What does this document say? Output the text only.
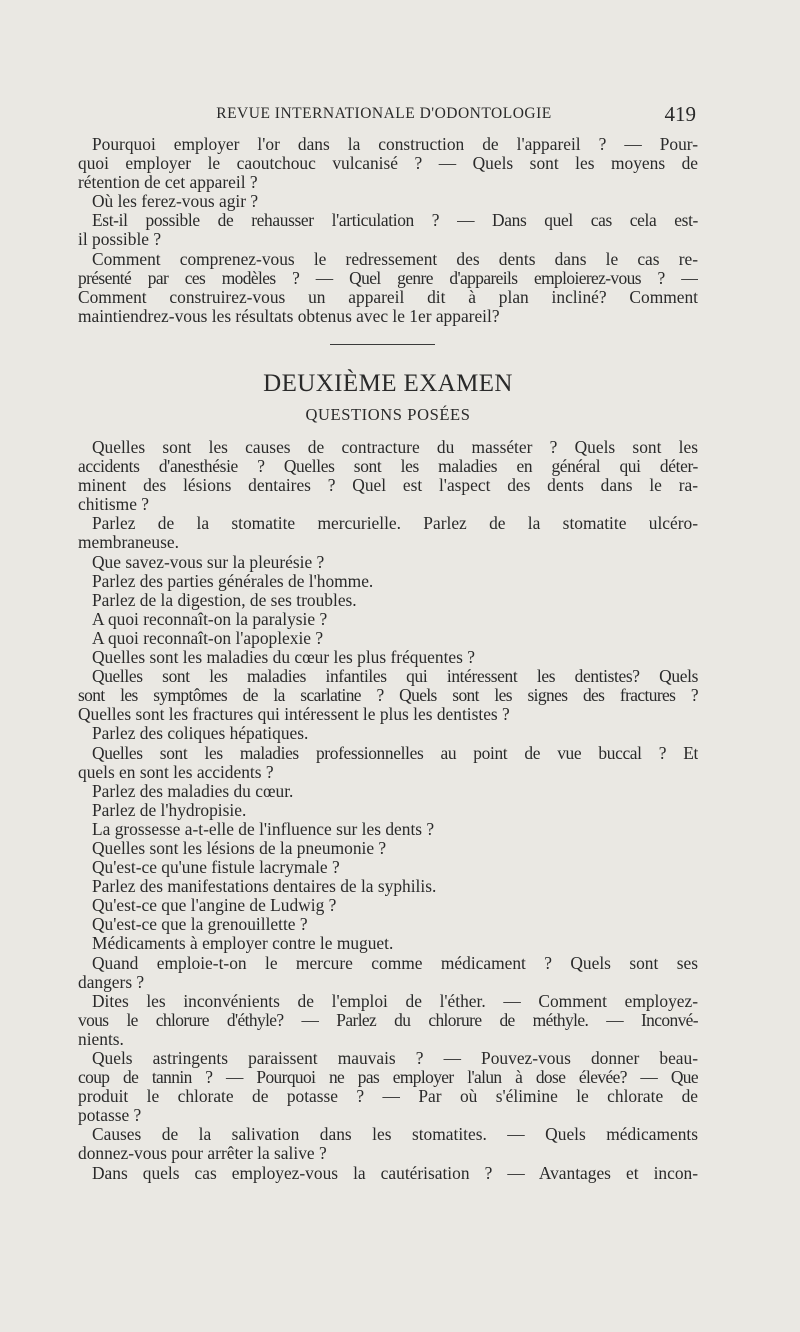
REVUE INTERNATIONALE D'ODONTOLOGIE	419
Pourquoi employer l'or dans la construction de l'appareil ? — Pour-
quoi employer le caoutchouc vulcanisé ? — Quels sont les moyens de
rétention de cet appareil ?
Où les ferez-vous agir ?
Est-il possible de rehausser l'articulation ? — Dans quel cas cela est-
il possible ?
Comment comprenez-vous le redressement des dents dans le cas re-
présenté par ces modèles ? — Quel genre d'appareils emploierez-vous ? —
Comment construirez-vous un appareil dit à plan incliné? Comment
maintiendrez-vous les résultats obtenus avec le 1er appareil?
DEUXIÈME EXAMEN
QUESTIONS POSÉES
Quelles sont les causes de contracture du masséter ? Quels sont les
accidents d'anesthésie ? Quelles sont les maladies en général qui déter-
minent des lésions dentaires ? Quel est l'aspect des dents dans le ra-
chitisme ?
Parlez de la stomatite mercurielle. Parlez de la stomatite ulcéro-
membraneuse.
Que savez-vous sur la pleurésie ?
Parlez des parties générales de l'homme.
Parlez de la digestion, de ses troubles.
A quoi reconnaît-on la paralysie ?
A quoi reconnaît-on l'apoplexie ?
Quelles sont les maladies du cœur les plus fréquentes ?
Quelles sont les maladies infantiles qui intéressent les dentistes? Quels
sont les symptômes de la scarlatine ? Quels sont les signes des fractures ?
Quelles sont les fractures qui intéressent le plus les dentistes ?
Parlez des coliques hépatiques.
Quelles sont les maladies professionnelles au point de vue buccal ? Et
quels en sont les accidents ?
Parlez des maladies du cœur.
Parlez de l'hydropisie.
La grossesse a-t-elle de l'influence sur les dents ?
Quelles sont les lésions de la pneumonie ?
Qu'est-ce qu'une fistule lacrymale ?
Parlez des manifestations dentaires de la syphilis.
Qu'est-ce que l'angine de Ludwig ?
Qu'est-ce que la grenouillette ?
Médicaments à employer contre le muguet.
Quand emploie-t-on le mercure comme médicament ? Quels sont ses
dangers ?
Dites les inconvénients de l'emploi de l'éther. — Comment employez-
vous le chlorure d'éthyle? — Parlez du chlorure de méthyle. — Inconvé-
nients.
Quels astringents paraissent mauvais ? — Pouvez-vous donner beau-
coup de tannin ? — Pourquoi ne pas employer l'alun à dose élevée? — Que
produit le chlorate de potasse ? — Par où s'élimine le chlorate de
potasse ?
Causes de la salivation dans les stomatites. — Quels médicaments
donnez-vous pour arrêter la salive ?
Dans quels cas employez-vous la cautérisation ? — Avantages et incon-
